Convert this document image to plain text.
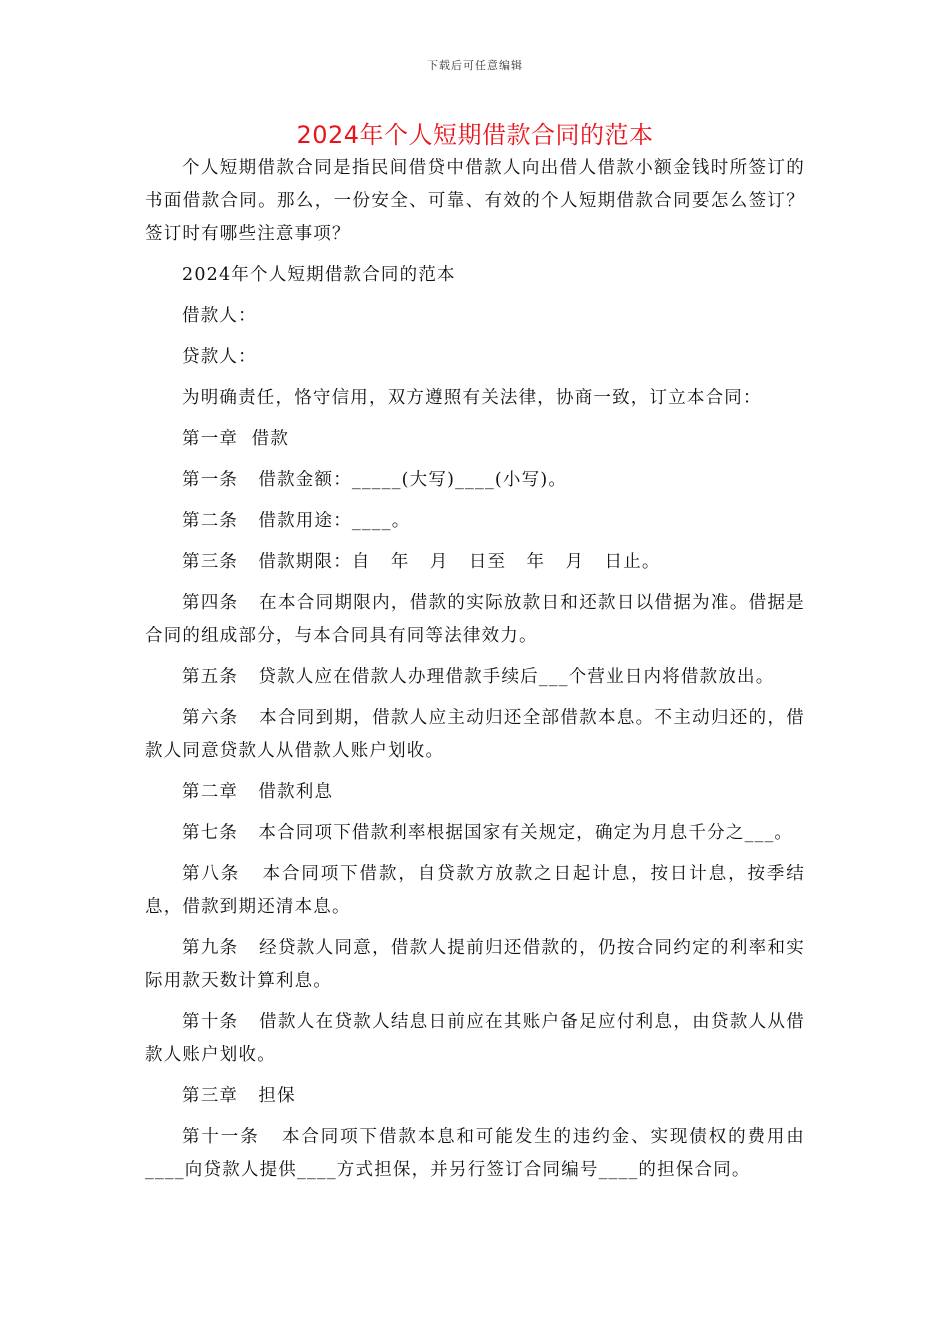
下载后可任意编辑
2024年个人短期借款合同的范本

个人短期借款合同是指民间借贷中借款人向出借人借款小额金钱时所签订的书面借款合同。那么，一份安全、可靠、有效的个人短期借款合同要怎么签订？签订时有哪些注意事项？

2024年个人短期借款合同的范本

借款人：

贷款人：

为明确责任，恪守信用，双方遵照有关法律，协商一致，订立本合同：

第一章  借款

第一条   借款金额：_____(大写)____(小写)。

第二条   借款用途：____。

第三条   借款期限：自   年   月   日至   年   月   日止。

第四条   在本合同期限内，借款的实际放款日和还款日以借据为准。借据是合同的组成部分，与本合同具有同等法律效力。

第五条   贷款人应在借款人办理借款手续后___个营业日内将借款放出。

第六条   本合同到期，借款人应主动归还全部借款本息。不主动归还的，借款人同意贷款人从借款人账户划收。

第二章   借款利息

第七条   本合同项下借款利率根据国家有关规定，确定为月息千分之___。

第八条   本合同项下借款，自贷款方放款之日起计息，按日计息，按季结息，借款到期还清本息。

第九条   经贷款人同意，借款人提前归还借款的，仍按合同约定的利率和实际用款天数计算利息。

第十条   借款人在贷款人结息日前应在其账户备足应付利息，由贷款人从借款人账户划收。

第三章   担保

第十一条   本合同项下借款本息和可能发生的违约金、实现债权的费用由____向贷款人提供____方式担保，并另行签订合同编号____的担保合同。
